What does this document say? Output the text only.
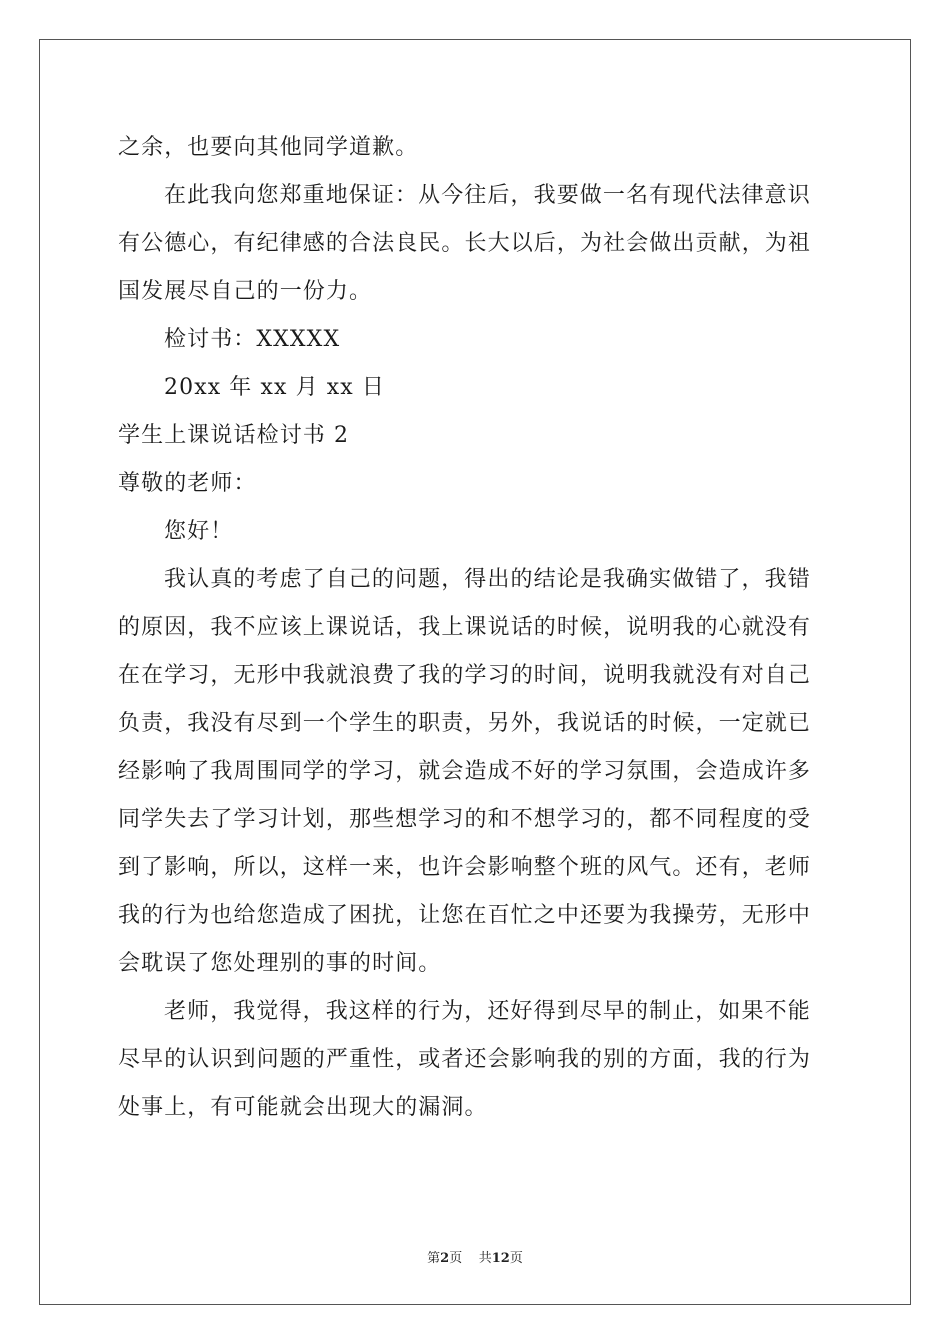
之余，也要向其他同学道歉。
在此我向您郑重地保证：从今往后，我要做一名有现代法律意识
有公德心，有纪律感的合法良民。长大以后，为社会做出贡献，为祖
国发展尽自己的一份力。
检讨书：XXXXX
20xx 年 xx 月 xx 日
学生上课说话检讨书 2
尊敬的老师：
您好！
我认真的考虑了自己的问题，得出的结论是我确实做错了，我错
的原因，我不应该上课说话，我上课说话的时候，说明我的心就没有
在在学习，无形中我就浪费了我的学习的时间，说明我就没有对自己
负责，我没有尽到一个学生的职责，另外，我说话的时候，一定就已
经影响了我周围同学的学习，就会造成不好的学习氛围，会造成许多
同学失去了学习计划，那些想学习的和不想学习的，都不同程度的受
到了影响，所以，这样一来，也许会影响整个班的风气。还有，老师
我的行为也给您造成了困扰，让您在百忙之中还要为我操劳，无形中
会耽误了您处理别的事的时间。
老师，我觉得，我这样的行为，还好得到尽早的制止，如果不能
尽早的认识到问题的严重性，或者还会影响我的别的方面，我的行为
处事上，有可能就会出现大的漏洞。
第2页 共12页
